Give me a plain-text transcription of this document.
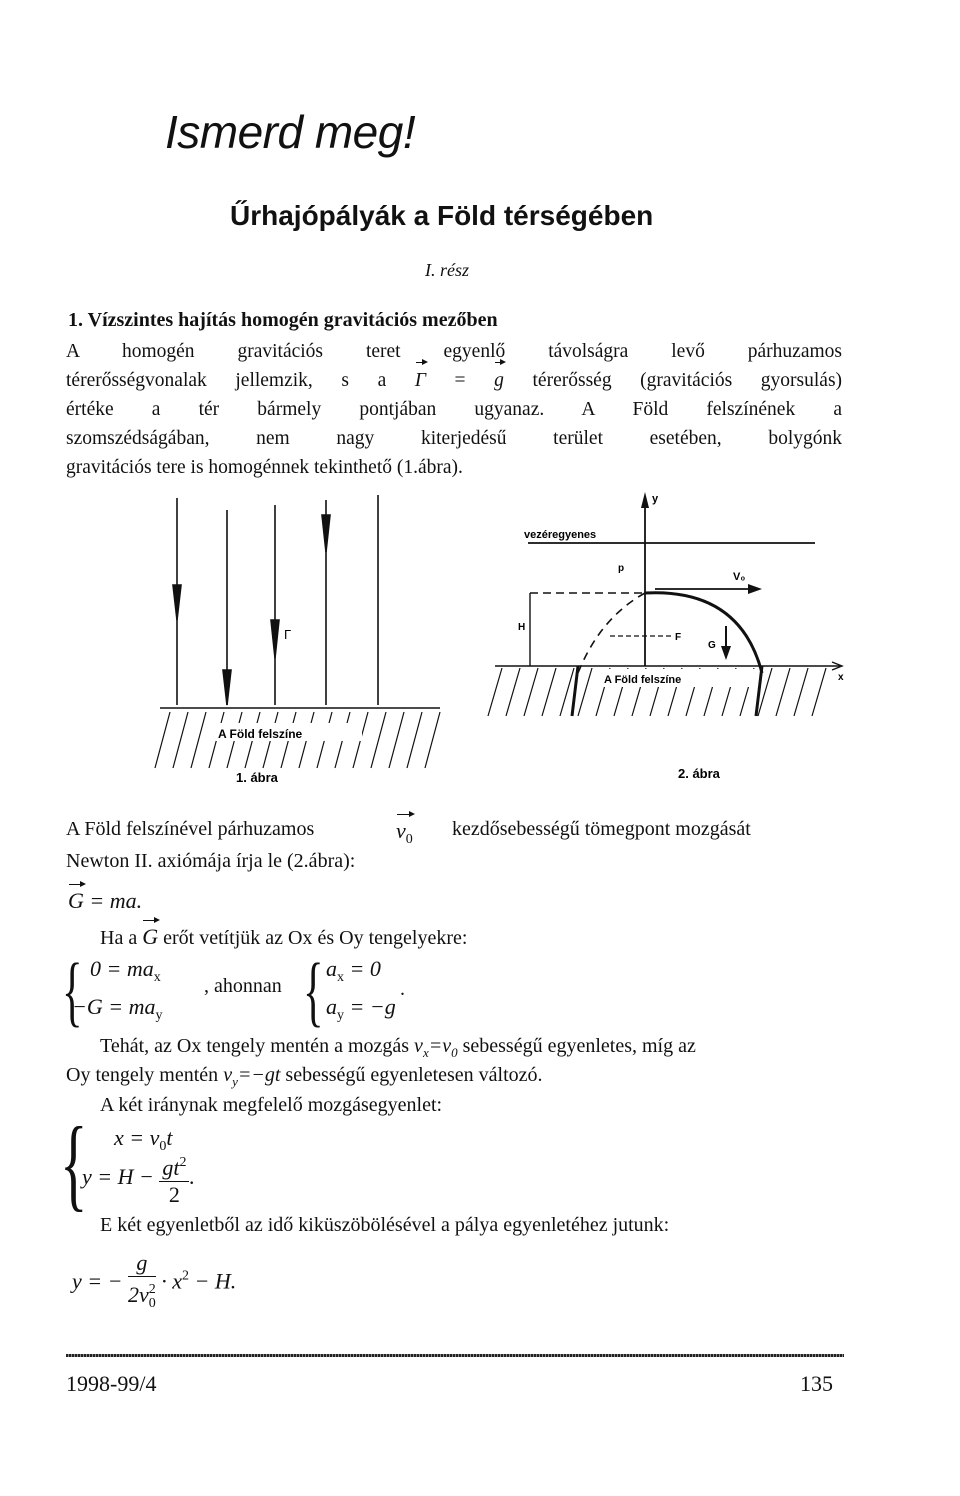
Ismerd meg!
Űrhajópályák a Föld térségében
I. rész
1. Vízszintes hajítás homogén gravitációs mezőben
A homogén gravitációs teret egyenlő távolságra levő párhuzamos
térerősségvonalak jellemzik, s a Γ = g térerősség (gravitációs gyorsulás)
értéke a tér bármely pontjában ugyanaz. A Föld felszínének a
szomszédságában, nem nagy kiterjedésű terület esetében, bolygónk
gravitációs tere is homogénnek tekinthető (1.ábra).
Γ
A Föld felszíne
1. ábra
y
vezéregyenes
p
H
F
V₀
G
A Föld felszíne	x
2. ábra
A Föld felszínével párhuzamos	$v_0$ kezdősebességű tömegpont mozgását
Newton II. axiómája írja le (2.ábra):
G = ma.
Ha a G erőt vetítjük az Ox és Oy tengelyekre:
{ $0 = ma_x$
$-G = ma_y$
, ahonnan { $a_x = 0$
$a_y = -g$
.
Tehát, az Ox tengely mentén a mozgás $v_x=v_0$ sebességű egyenletes, míg az
Oy tengely mentén $v_y=-gt$ sebességű egyenletesen változó.
A két iránynak megfelelő mozgásegyenlet:
{ $x = v_0t$
$y = H - \frac{gt^2}{2}$ .
E két egyenletből az idő kiküszöbölésével a pálya egyenletéhez jutunk:
y = − $\frac{g}{2v_0^2} \cdot x^2 - H$.
1998-99/4	135
